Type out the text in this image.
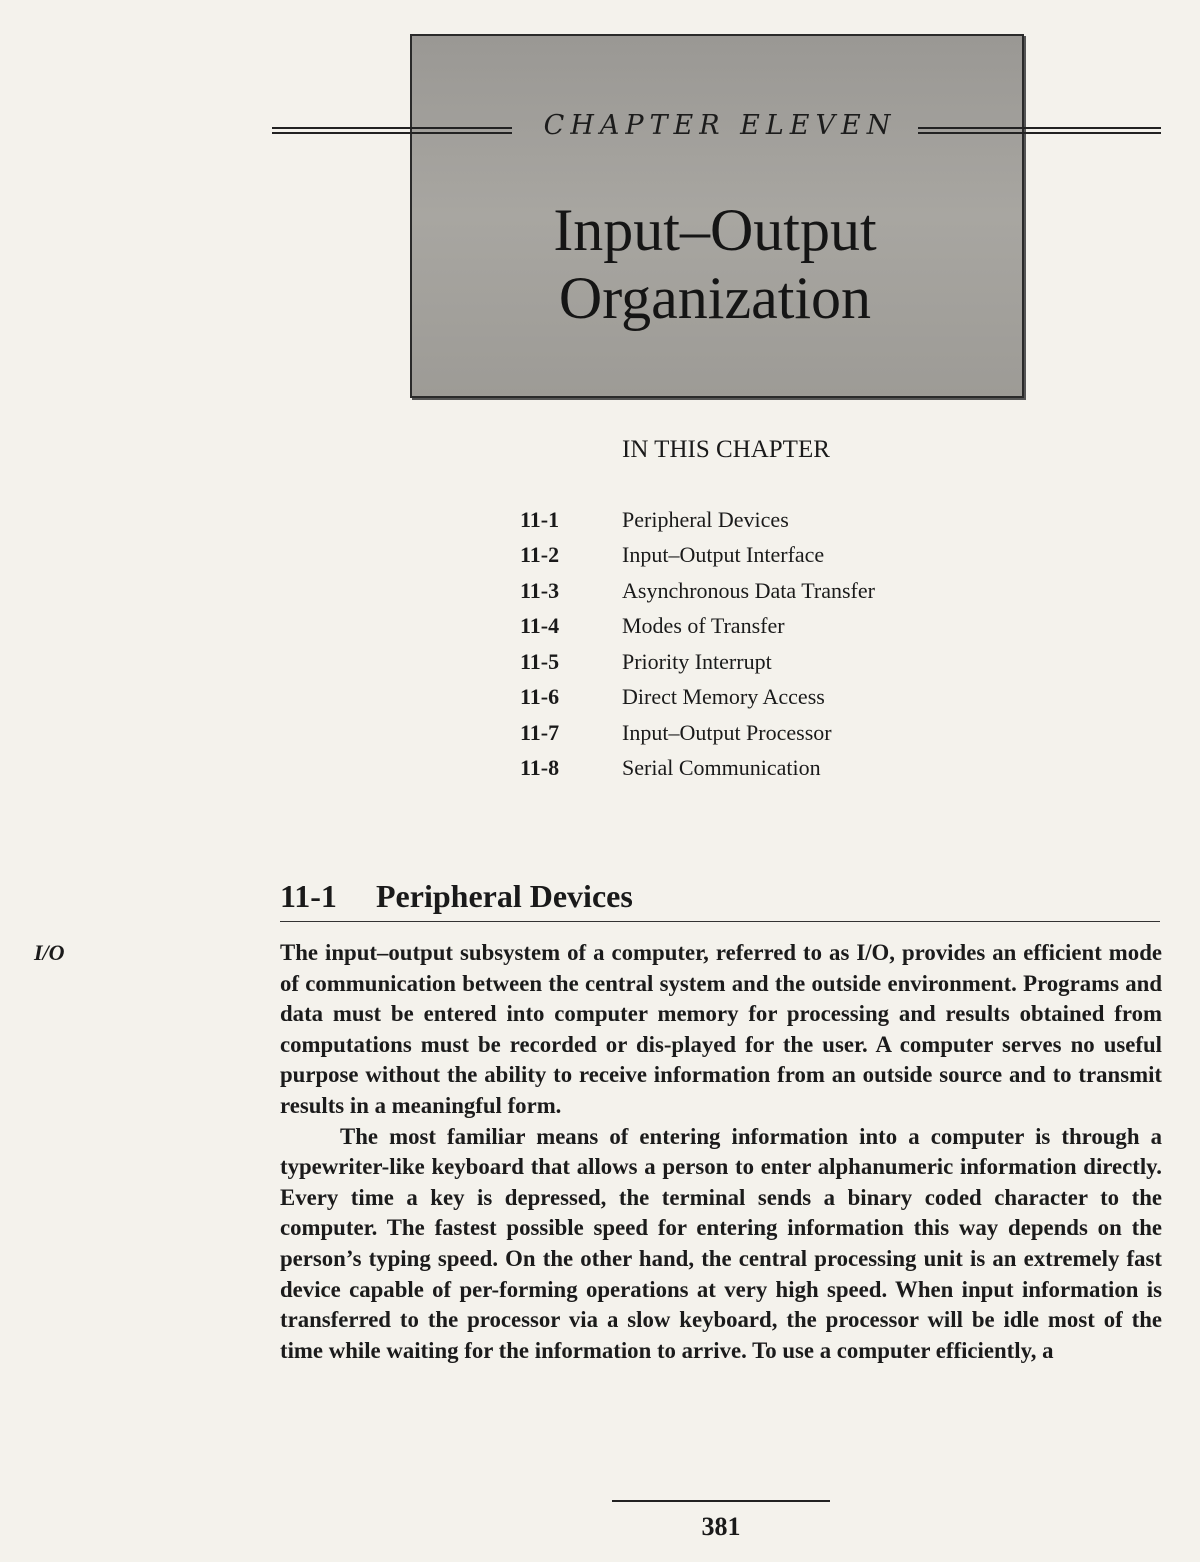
CHAPTER ELEVEN
Input–Output
Organization
IN THIS CHAPTER
11-1	Peripheral Devices
11-2	Input–Output Interface
11-3	Asynchronous Data Transfer
11-4	Modes of Transfer
11-5	Priority Interrupt
11-6	Direct Memory Access
11-7	Input–Output Processor
11-8	Serial Communication
11-1 Peripheral Devices
I/O	The input–output subsystem of a computer, referred to as I/O, provides an efficient mode of communication between the central system and the outside environment. Programs and data must be entered into computer memory for processing and results obtained from computations must be recorded or dis-played for the user. A computer serves no useful purpose without the ability to receive information from an outside source and to transmit results in a meaningful form.

The most familiar means of entering information into a computer is through a typewriter-like keyboard that allows a person to enter alphanumeric information directly. Every time a key is depressed, the terminal sends a binary coded character to the computer. The fastest possible speed for entering information this way depends on the person’s typing speed. On the other hand, the central processing unit is an extremely fast device capable of per-forming operations at very high speed. When input information is transferred to the processor via a slow keyboard, the processor will be idle most of the time while waiting for the information to arrive. To use a computer efficiently, a

381
